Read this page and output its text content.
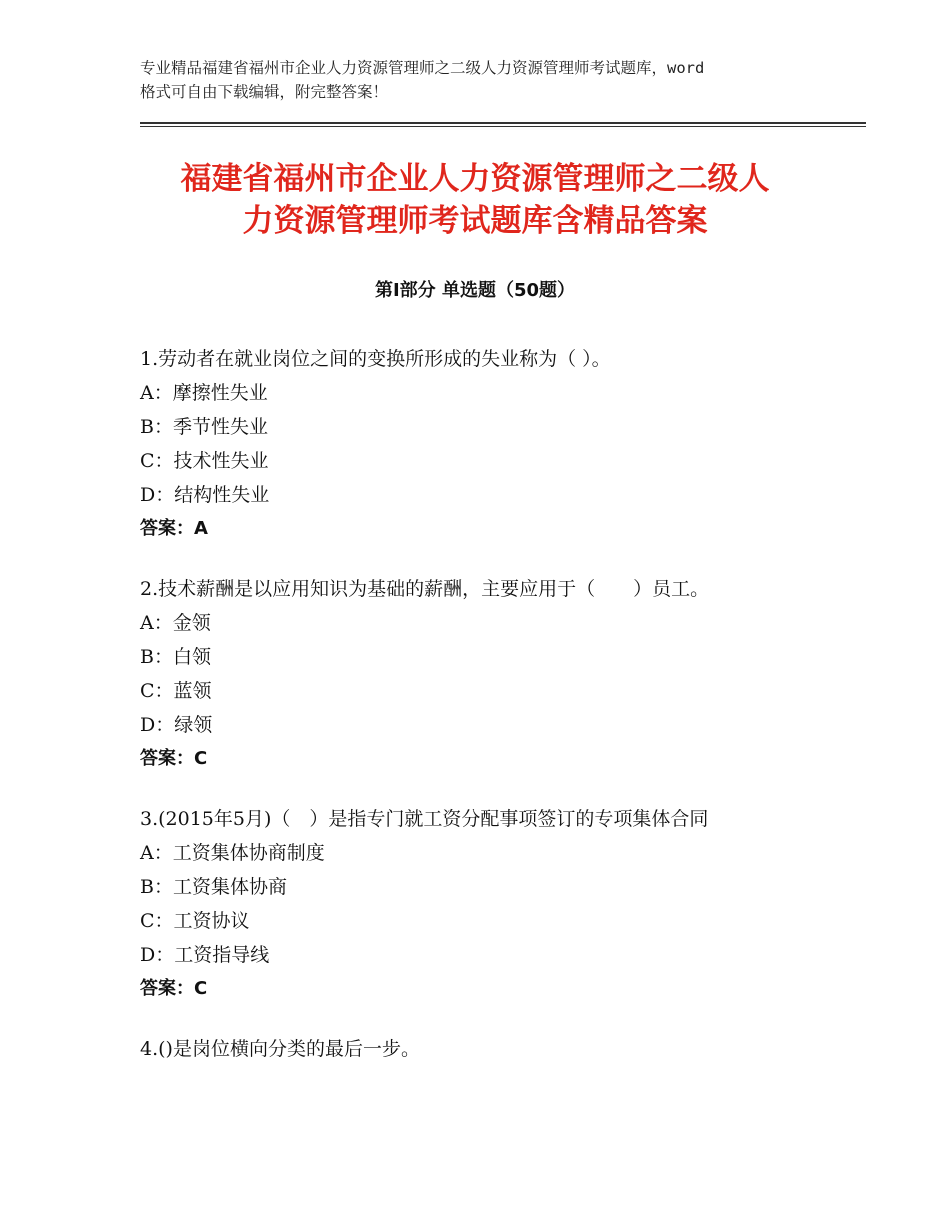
专业精品福建省福州市企业人力资源管理师之二级人力资源管理师考试题库，word
格式可自由下载编辑，附完整答案！
福建省福州市企业人力资源管理师之二级人
力资源管理师考试题库含精品答案
第Ⅰ部分 单选题（50题）
1.劳动者在就业岗位之间的变换所形成的失业称为（ ）。
A：摩擦性失业
B：季节性失业
C：技术性失业
D：结构性失业
答案：A
2.技术薪酬是以应用知识为基础的薪酬，主要应用于（　　）员工。
A：金领
B：白领
C：蓝领
D：绿领
答案：C
3.(2015年5月)（　）是指专门就工资分配事项签订的专项集体合同
A：工资集体协商制度
B：工资集体协商
C：工资协议
D：工资指导线
答案：C
4.()是岗位横向分类的最后一步。
